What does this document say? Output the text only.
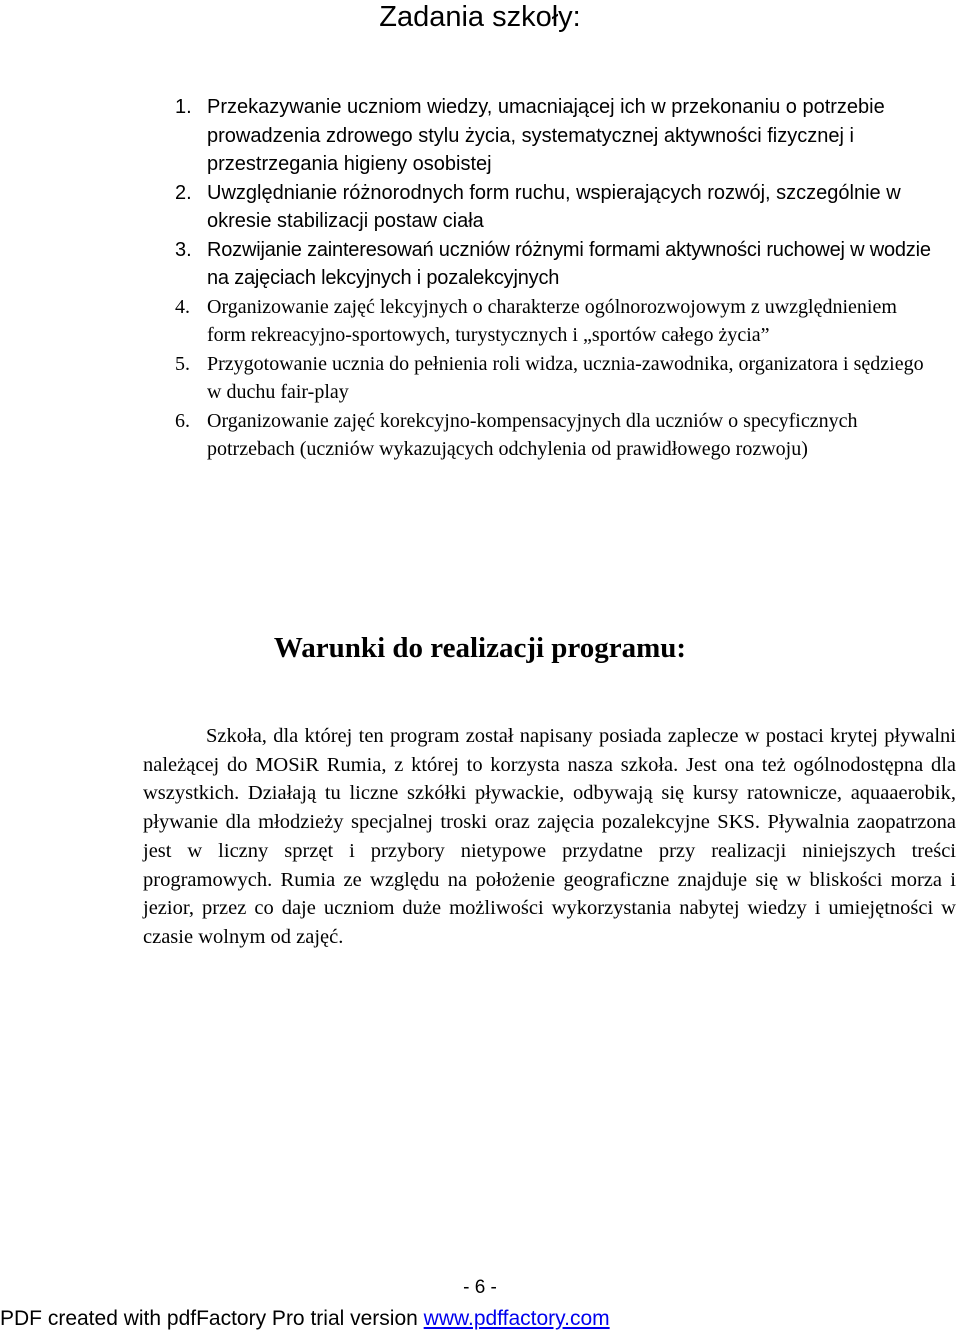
Zadania szkoły:
1. Przekazywanie uczniom wiedzy, umacniającej ich w przekonaniu o potrzebie prowadzenia zdrowego stylu życia, systematycznej aktywności fizycznej i przestrzegania higieny osobistej
2. Uwzględnianie różnorodnych form ruchu, wspierających rozwój, szczególnie w okresie stabilizacji postaw ciała
3. Rozwijanie zainteresowań uczniów różnymi formami aktywności ruchowej w wodzie na zajęciach lekcyjnych i pozalekcyjnych
4. Organizowanie zajęć lekcyjnych o charakterze ogólnorozwojowym z uwzględnieniem form rekreacyjno-sportowych, turystycznych i „sportów całego życia”
5. Przygotowanie ucznia do pełnienia roli widza, ucznia-zawodnika, organizatora i sędziego w duchu fair-play
6. Organizowanie zajęć korekcyjno-kompensacyjnych dla uczniów o specyficznych potrzebach (uczniów wykazujących odchylenia od prawidłowego rozwoju)
Warunki do realizacji programu:

Szkoła, dla której ten program został napisany posiada zaplecze w postaci krytej pływalni należącej do MOSiR Rumia, z której to korzysta nasza szkoła. Jest ona też ogólnodostępna dla wszystkich. Działają tu liczne szkółki pływackie, odbywają się kursy ratownicze, aquaaerobik, pływanie dla młodzieży specjalnej troski oraz zajęcia pozalekcyjne SKS. Pływalnia zaopatrzona jest w liczny sprzęt i przybory nietypowe przydatne przy realizacji niniejszych treści programowych. Rumia ze względu na położenie geograficzne znajduje się w bliskości morza i jezior, przez co daje uczniom duże możliwości wykorzystania nabytej wiedzy i umiejętności w czasie wolnym od zajęć.

- 6 -
PDF created with pdfFactory Pro trial version www.pdffactory.com
